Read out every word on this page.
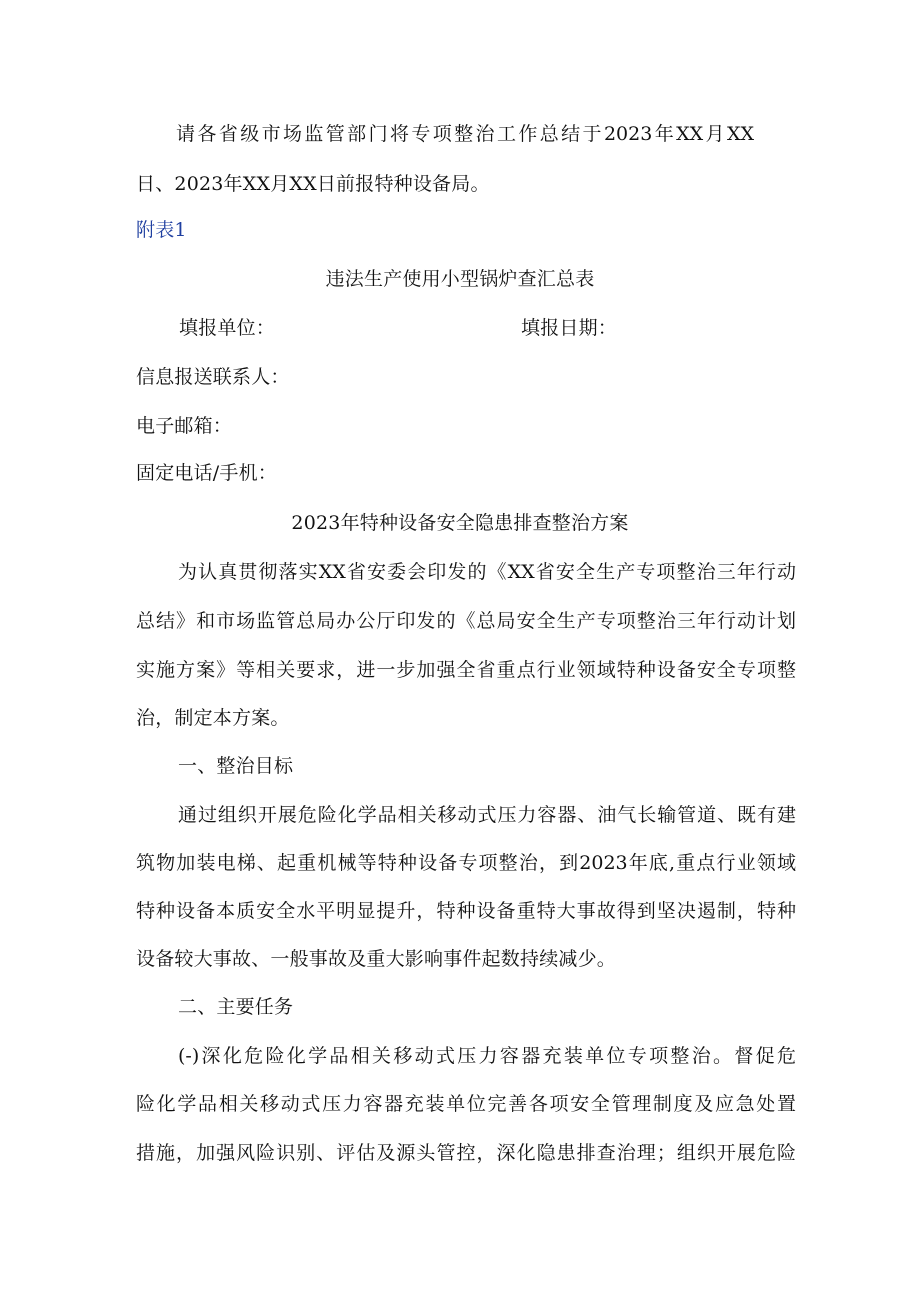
请各省级市场监管部门将专项整治工作总结于2023年XX月XX
日、2023年XX月XX日前报特种设备局。
附表1
违法生产使用小型锅炉查汇总表
填报单位：	填报日期：
信息报送联系人：
电子邮箱：
固定电话/手机：
2023年特种设备安全隐患排查整治方案
为认真贯彻落实XX省安委会印发的《XX省安全生产专项整治三年行动
总结》和市场监管总局办公厅印发的《总局安全生产专项整治三年行动计划
实施方案》等相关要求，进一步加强全省重点行业领域特种设备安全专项整
治，制定本方案。
一、整治目标
通过组织开展危险化学品相关移动式压力容器、油气长输管道、既有建
筑物加装电梯、起重机械等特种设备专项整治，到2023年底,重点行业领域
特种设备本质安全水平明显提升，特种设备重特大事故得到坚决遏制，特种
设备较大事故、一般事故及重大影响事件起数持续减少。
二、主要任务
(-)深化危险化学品相关移动式压力容器充装单位专项整治。督促危
险化学品相关移动式压力容器充装单位完善各项安全管理制度及应急处置
措施，加强风险识别、评估及源头管控，深化隐患排查治理；组织开展危险
